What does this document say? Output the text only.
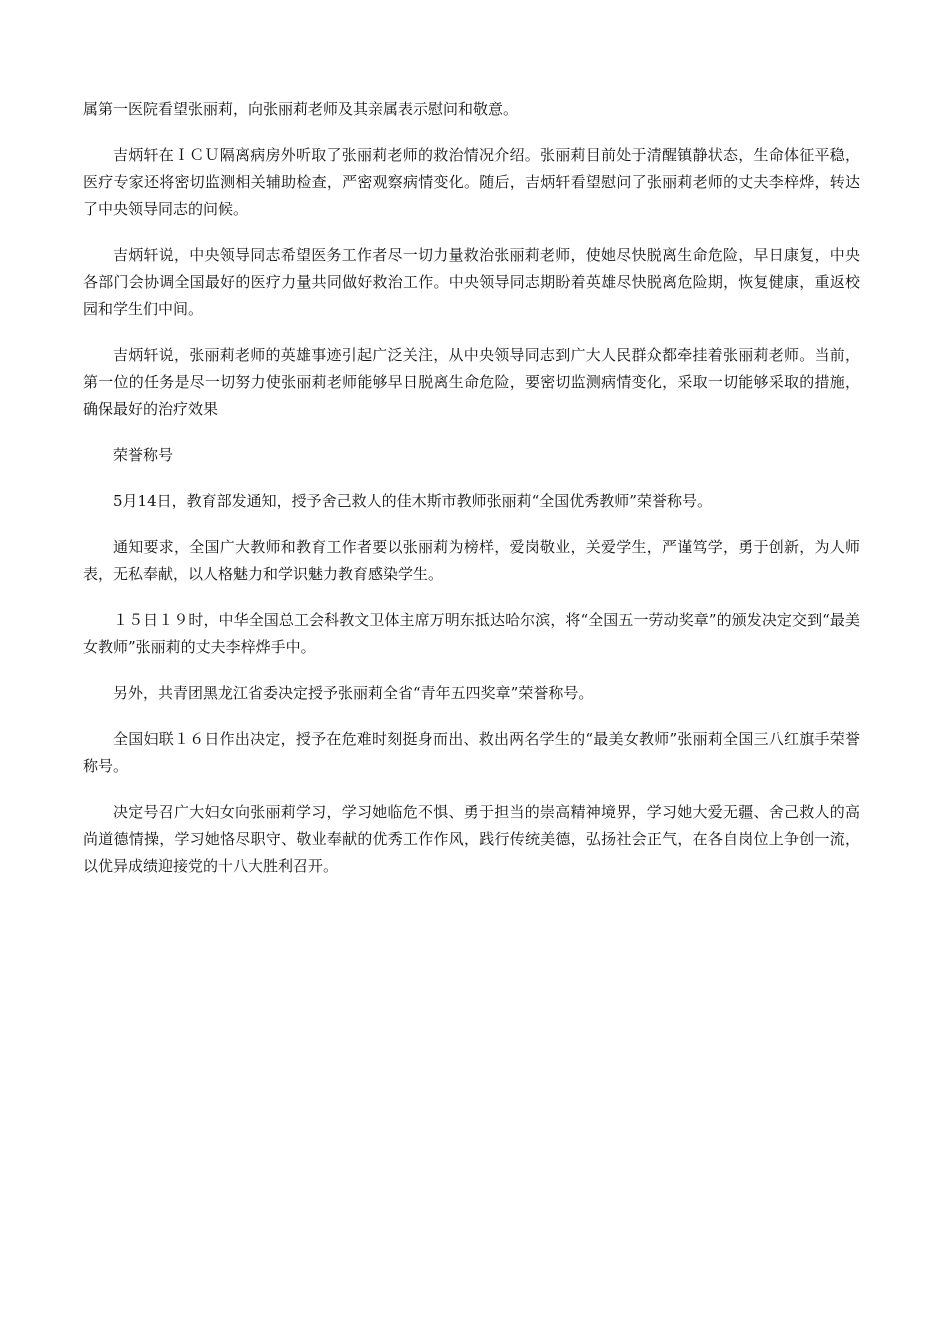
属第一医院看望张丽莉，向张丽莉老师及其亲属表示慰问和敬意。

吉炳轩在ＩＣＵ隔离病房外听取了张丽莉老师的救治情况介绍。张丽莉目前处于清醒镇静状态，生命体征平稳，医疗专家还将密切监测相关辅助检查，严密观察病情变化。随后，吉炳轩看望慰问了张丽莉老师的丈夫李梓烨，转达了中央领导同志的问候。

吉炳轩说，中央领导同志希望医务工作者尽一切力量救治张丽莉老师，使她尽快脱离生命危险，早日康复，中央各部门会协调全国最好的医疗力量共同做好救治工作。中央领导同志期盼着英雄尽快脱离危险期，恢复健康，重返校园和学生们中间。

吉炳轩说，张丽莉老师的英雄事迹引起广泛关注，从中央领导同志到广大人民群众都牵挂着张丽莉老师。当前，第一位的任务是尽一切努力使张丽莉老师能够早日脱离生命危险，要密切监测病情变化，采取一切能够采取的措施，确保最好的治疗效果

荣誉称号

5月14日，教育部发通知，授予舍己救人的佳木斯市教师张丽莉“全国优秀教师”荣誉称号。

通知要求，全国广大教师和教育工作者要以张丽莉为榜样，爱岗敬业，关爱学生，严谨笃学，勇于创新，为人师表，无私奉献，以人格魅力和学识魅力教育感染学生。

１５日１９时，中华全国总工会科教文卫体主席万明东抵达哈尔滨，将“全国五一劳动奖章”的颁发决定交到“最美女教师”张丽莉的丈夫李梓烨手中。

另外，共青团黑龙江省委决定授予张丽莉全省“青年五四奖章”荣誉称号。

全国妇联１６日作出决定，授予在危难时刻挺身而出、救出两名学生的“最美女教师”张丽莉全国三八红旗手荣誉称号。

决定号召广大妇女向张丽莉学习，学习她临危不惧、勇于担当的崇高精神境界，学习她大爱无疆、舍己救人的高尚道德情操，学习她恪尽职守、敬业奉献的优秀工作作风，践行传统美德，弘扬社会正气，在各自岗位上争创一流，以优异成绩迎接党的十八大胜利召开。
